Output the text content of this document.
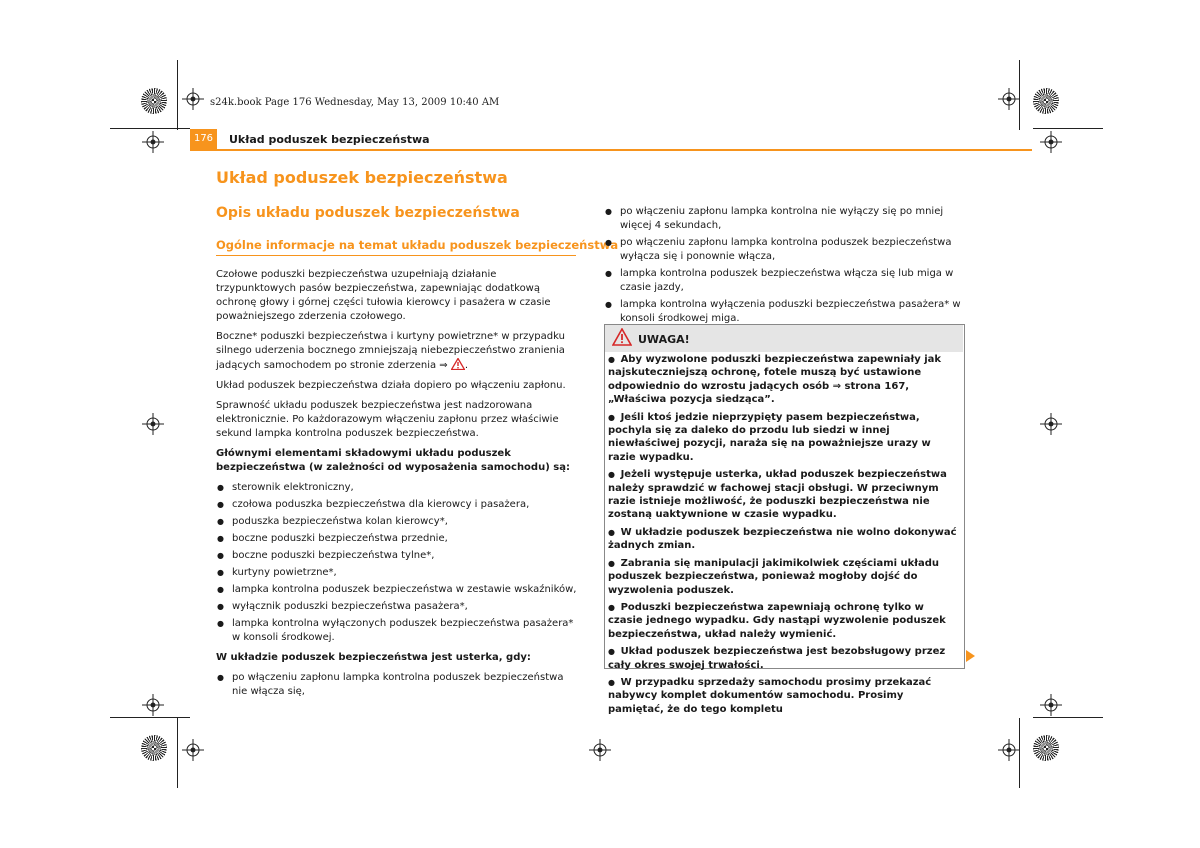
s24k.book Page 176 Wednesday, May 13, 2009 10:40 AM
176	Układ poduszek bezpieczeństwa
Układ poduszek bezpieczeństwa
Opis układu poduszek bezpieczeństwa
Ogólne informacje na temat układu poduszek bezpieczeństwa

Czołowe poduszki bezpieczeństwa uzupełniają działanie trzypunktowych pasów bezpieczeństwa, zapewniając dodatkową ochronę głowy i górnej części tułowia kierowcy i pasażera w czasie poważniejszego zderzenia czołowego.

Boczne* poduszki bezpieczeństwa i kurtyny powietrzne* w przypadku silnego uderzenia bocznego zmniejszają niebezpieczeństwo zranienia jadących samochodem po stronie zderzenia ⇒ .

Układ poduszek bezpieczeństwa działa dopiero po włączeniu zapłonu.

Sprawność układu poduszek bezpieczeństwa jest nadzorowana elektronicznie. Po każdorazowym włączeniu zapłonu przez właściwie sekund lampka kontrolna poduszek bezpieczeństwa.

Głównymi elementami składowymi układu poduszek bezpieczeństwa (w zależności od wyposażenia samochodu) są:

● sterownik elektroniczny,
● czołowa poduszka bezpieczeństwa dla kierowcy i pasażera,
● poduszka bezpieczeństwa kolan kierowcy*,
● boczne poduszki bezpieczeństwa przednie,
● boczne poduszki bezpieczeństwa tylne*,
● kurtyny powietrzne*,
● lampka kontrolna poduszek bezpieczeństwa w zestawie wskaźników,
● wyłącznik poduszki bezpieczeństwa pasażera*,
● lampka kontrolna wyłączonych poduszek bezpieczeństwa pasażera* w konsoli środkowej.

W układzie poduszek bezpieczeństwa jest usterka, gdy:

● po włączeniu zapłonu lampka kontrolna poduszek bezpieczeństwa nie włącza się,
● po włączeniu zapłonu lampka kontrolna nie wyłączy się po mniej więcej 4 sekundach,
● po włączeniu zapłonu lampka kontrolna poduszek bezpieczeństwa wyłącza się i ponownie włącza,
● lampka kontrolna poduszek bezpieczeństwa włącza się lub miga w czasie jazdy,
● lampka kontrolna wyłączenia poduszki bezpieczeństwa pasażera* w konsoli środkowej miga.
UWAGA!

●  Aby wyzwolone poduszki bezpieczeństwa zapewniały jak najskuteczniejszą ochronę, fotele muszą być ustawione odpowiednio do wzrostu jadących osób ⇒ strona 167, „Właściwa pozycja siedząca”.

●  Jeśli ktoś jedzie nieprzypięty pasem bezpieczeństwa, pochyla się za daleko do przodu lub siedzi w innej niewłaściwej pozycji, naraża się na poważniejsze urazy w razie wypadku.

●  Jeżeli występuje usterka, układ poduszek bezpieczeństwa należy sprawdzić w fachowej stacji obsługi. W przeciwnym razie istnieje możliwość, że poduszki bezpieczeństwa nie zostaną uaktywnione w czasie wypadku.

●  W układzie poduszek bezpieczeństwa nie wolno dokonywać żadnych zmian.

●  Zabrania się manipulacji jakimikolwiek częściami układu poduszek bezpieczeństwa, ponieważ mogłoby dojść do wyzwolenia poduszek.

●  Poduszki bezpieczeństwa zapewniają ochronę tylko w czasie jednego wypadku. Gdy nastąpi wyzwolenie poduszek bezpieczeństwa, układ należy wymienić.

●  Układ poduszek bezpieczeństwa jest bezobsługowy przez cały okres swojej trwałości.

●  W przypadku sprzedaży samochodu prosimy przekazać nabywcy komplet dokumentów samochodu. Prosimy pamiętać, że do tego kompletu
